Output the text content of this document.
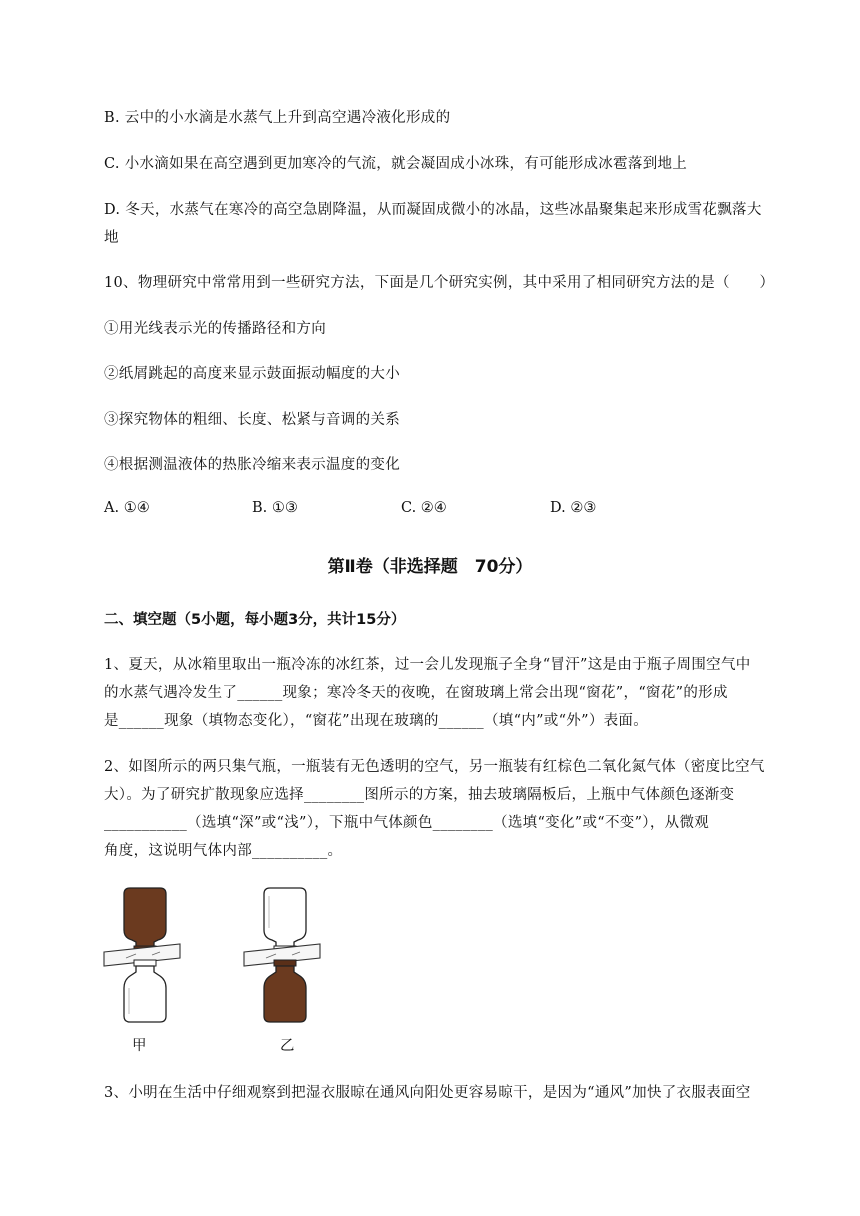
B. 云中的小水滴是水蒸气上升到高空遇冷液化形成的
C. 小水滴如果在高空遇到更加寒冷的气流，就会凝固成小冰珠，有可能形成冰雹落到地上
D. 冬天，水蒸气在寒冷的高空急剧降温，从而凝固成微小的冰晶，这些冰晶聚集起来形成雪花飘落大
地
10、物理研究中常常用到一些研究方法，下面是几个研究实例，其中采用了相同研究方法的是（　　）
①用光线表示光的传播路径和方向
②纸屑跳起的高度来显示鼓面振动幅度的大小
③探究物体的粗细、长度、松紧与音调的关系
④根据测温液体的热胀冷缩来表示温度的变化
A. ①④	B. ①③	C. ②④	D. ②③
第Ⅱ卷（非选择题　70分）
二、填空题（5小题，每小题3分，共计15分）
1、夏天，从冰箱里取出一瓶冷冻的冰红茶，过一会儿发现瓶子全身“冒汗”这是由于瓶子周围空气中
的水蒸气遇冷发生了______现象；寒冷冬天的夜晚，在窗玻璃上常会出现“窗花”，“窗花”的形成
是______现象（填物态变化），“窗花”出现在玻璃的______（填“内”或“外”）表面。
2、如图所示的两只集气瓶，一瓶装有无色透明的空气，另一瓶装有红棕色二氧化氮气体（密度比空气
大）。为了研究扩散现象应选择________图所示的方案，抽去玻璃隔板后，上瓶中气体颜色逐渐变
___________（选填“深”或“浅”），下瓶中气体颜色________（选填“变化”或“不变”），从微观
角度，这说明气体内部__________。
甲	乙
3、小明在生活中仔细观察到把湿衣服晾在通风向阳处更容易晾干，是因为“通风”加快了衣服表面空
